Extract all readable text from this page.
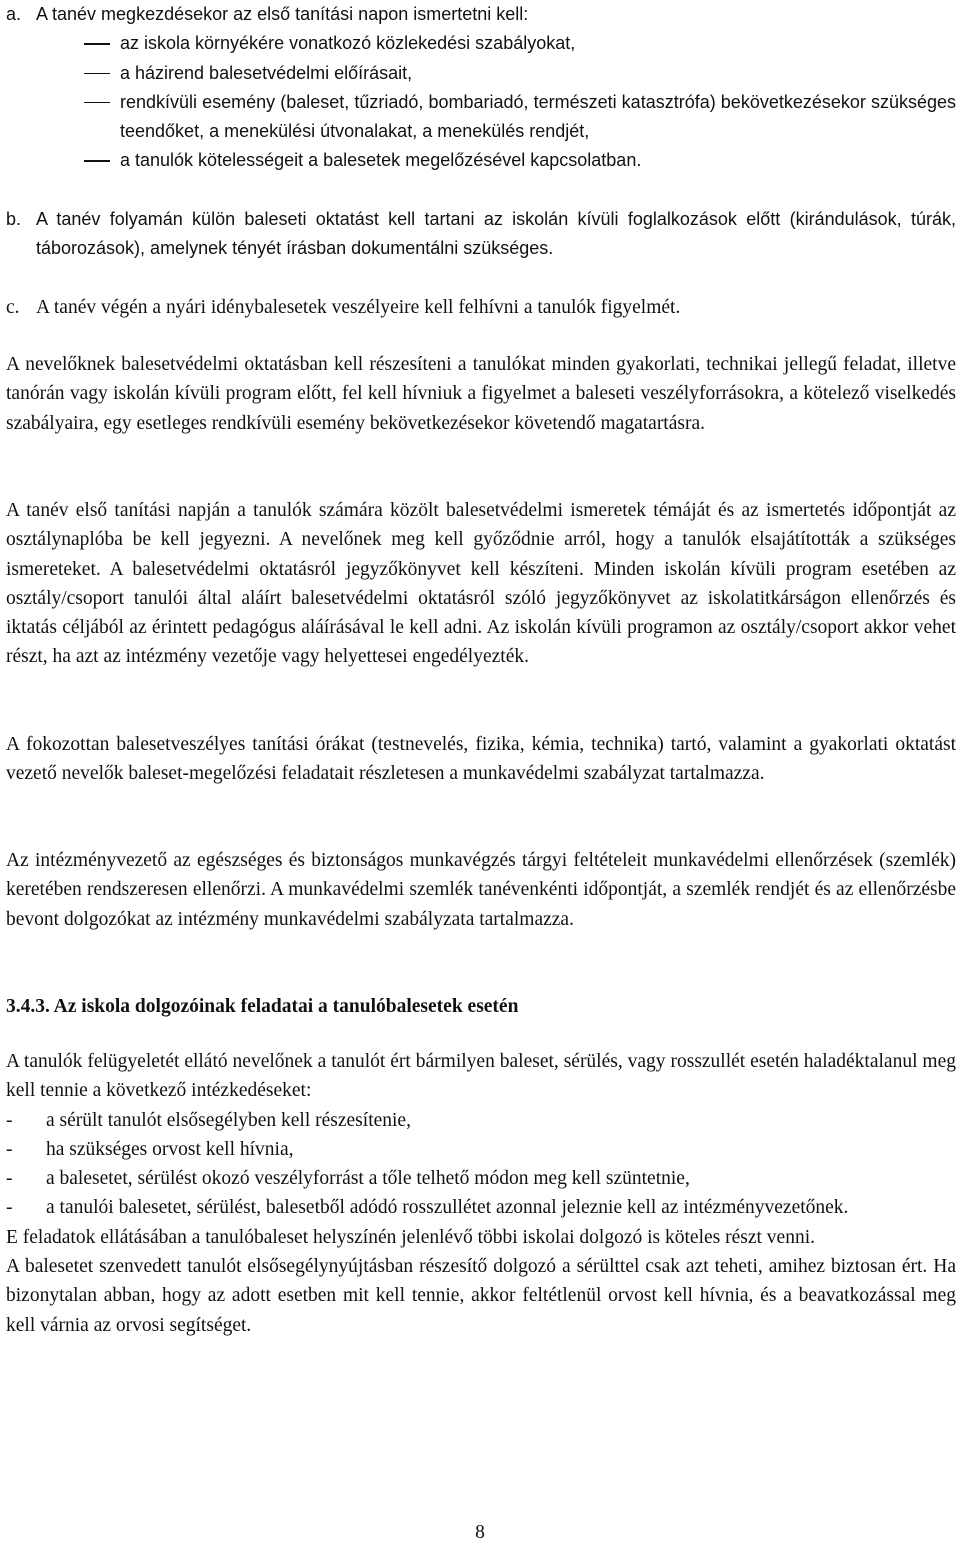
a. A tanév megkezdésekor az első tanítási napon ismertetni kell:
az iskola környékére vonatkozó közlekedési szabályokat,
a házirend balesetvédelmi előírásait,
rendkívüli esemény (baleset, tűzriadó, bombariadó, természeti katasztrófa) bekövetkezésekor szükséges teendőket, a menekülési útvonalakat, a menekülés rendjét,
a tanulók kötelességeit a balesetek megelőzésével kapcsolatban.
b. A tanév folyamán külön baleseti oktatást kell tartani az iskolán kívüli foglalkozások előtt (kirándulások, túrák, táborozások), amelynek tényét írásban dokumentálni szükséges.
c. A tanév végén a nyári idénybalesetek veszélyeire kell felhívni a tanulók figyelmét.
A nevelőknek balesetvédelmi oktatásban kell részesíteni a tanulókat minden gyakorlati, technikai jellegű feladat, illetve tanórán vagy iskolán kívüli program előtt, fel kell hívniuk a figyelmet a baleseti veszélyforrásokra, a kötelező viselkedés szabályaira, egy esetleges rendkívüli esemény bekövetkezésekor követendő magatartásra.
A tanév első tanítási napján a tanulók számára közölt balesetvédelmi ismeretek témáját és az ismertetés időpontját az osztálynaplóba be kell jegyezni. A nevelőnek meg kell győződnie arról, hogy a tanulók elsajátították a szükséges ismereteket. A balesetvédelmi oktatásról jegyzőkönyvet kell készíteni. Minden iskolán kívüli program esetében az osztály/csoport tanulói által aláírt balesetvédelmi oktatásról szóló jegyzőkönyvet az iskolatitkárságon ellenőrzés és iktatás céljából az érintett pedagógus aláírásával le kell adni. Az iskolán kívüli programon az osztály/csoport akkor vehet részt, ha azt az intézmény vezetője vagy helyettesei engedélyezték.
A fokozottan balesetveszélyes tanítási órákat (testnevelés, fizika, kémia, technika) tartó, valamint a gyakorlati oktatást vezető nevelők baleset-megelőzési feladatait részletesen a munkavédelmi szabályzat tartalmazza.
Az intézményvezető az egészséges és biztonságos munkavégzés tárgyi feltételeit munkavédelmi ellenőrzések (szemlék) keretében rendszeresen ellenőrzi. A munkavédelmi szemlék tanévenkénti időpontját, a szemlék rendjét és az ellenőrzésbe bevont dolgozókat az intézmény munkavédelmi szabályzata tartalmazza.
3.4.3. Az iskola dolgozóinak feladatai a tanulóbalesetek esetén
A tanulók felügyeletét ellátó nevelőnek a tanulót ért bármilyen baleset, sérülés, vagy rosszullét esetén haladéktalanul meg kell tennie a következő intézkedéseket:
-	a sérült tanulót elsősegélyben kell részesítenie,
-	ha szükséges orvost kell hívnia,
-	a balesetet, sérülést okozó veszélyforrást a tőle telhető módon meg kell szüntetnie,
-	a tanulói balesetet, sérülést, balesetből adódó rosszullétet azonnal jeleznie kell az intézményvezetőnek.
E feladatok ellátásában a tanulóbaleset helyszínén jelenlévő többi iskolai dolgozó is köteles részt venni.
A balesetet szenvedett tanulót elsősegélynyújtásban részesítő dolgozó a sérülttel csak azt teheti, amihez biztosan ért. Ha bizonytalan abban, hogy az adott esetben mit kell tennie, akkor feltétlenül orvost kell hívnia, és a beavatkozással meg kell várnia az orvosi segítséget.
8
